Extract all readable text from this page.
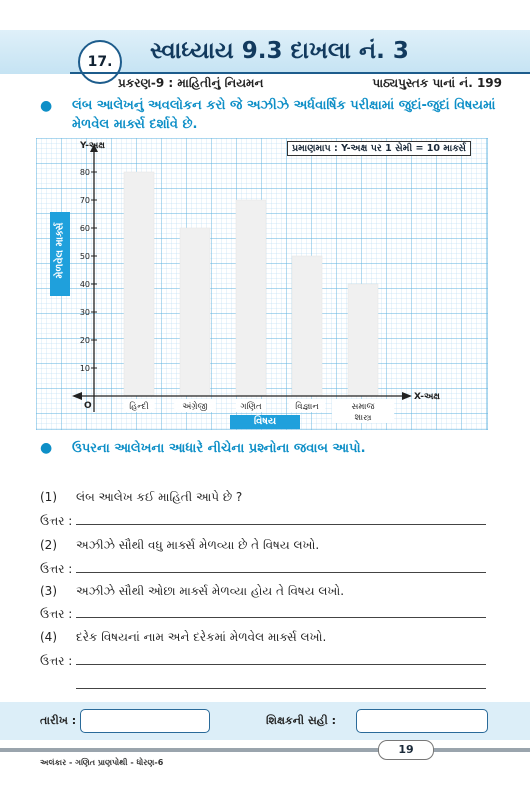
17. સ્વાધ્યાય 9.3 દાખલા નં. 3
પ્રકરણ-9 : માહિતીનું નિયમન	પાઠ્યપુસ્તક પાનાં નં. 199
● લંબ આલેખનું અવલોકન કરો જે અઝીઝે અર્ધવાર્ષિક પરીક્ષામાં જુદાં-જુદાં વિષયમાં મેળવેલ માર્ક્સ દર્શાવે છે.
Y-અક્ષ
X-અક્ષ
O
10
20
30
40
50
60
70
80
હિન્દી	અંગ્રેજી	ગણિત	વિજ્ઞાન	સમાજ
શાસ્ત્ર
પ્રમાણમાપ : Y-અક્ષ પર 1 સેમી = 10 માર્ક્સ
મેળવેલ માર્ક્સ
વિષય
● ઉપરના આલેખના આધારે નીચેના પ્રશ્નોના જવાબ આપો.
(1) લંબ આલેખ કઈ માહિતી આપે છે ?
ઉત્તર :
(2) અઝીઝે સૌથી વધુ માર્ક્સ મેળવ્યા છે તે વિષય લખો.
ઉત્તર :
(3) અઝીઝે સૌથી ઓછા માર્ક્સ મેળવ્યા હોય તે વિષય લખો.
ઉત્તર :
(4) દરેક વિષયનાં નામ અને દરેકમાં મેળવેલ માર્ક્સ લખો.
ઉત્તર :
તારીખ :	શિક્ષકની સહી :
19
અલંકાર - ગણિત પ્રાણપોથી - ધોરણ-6
